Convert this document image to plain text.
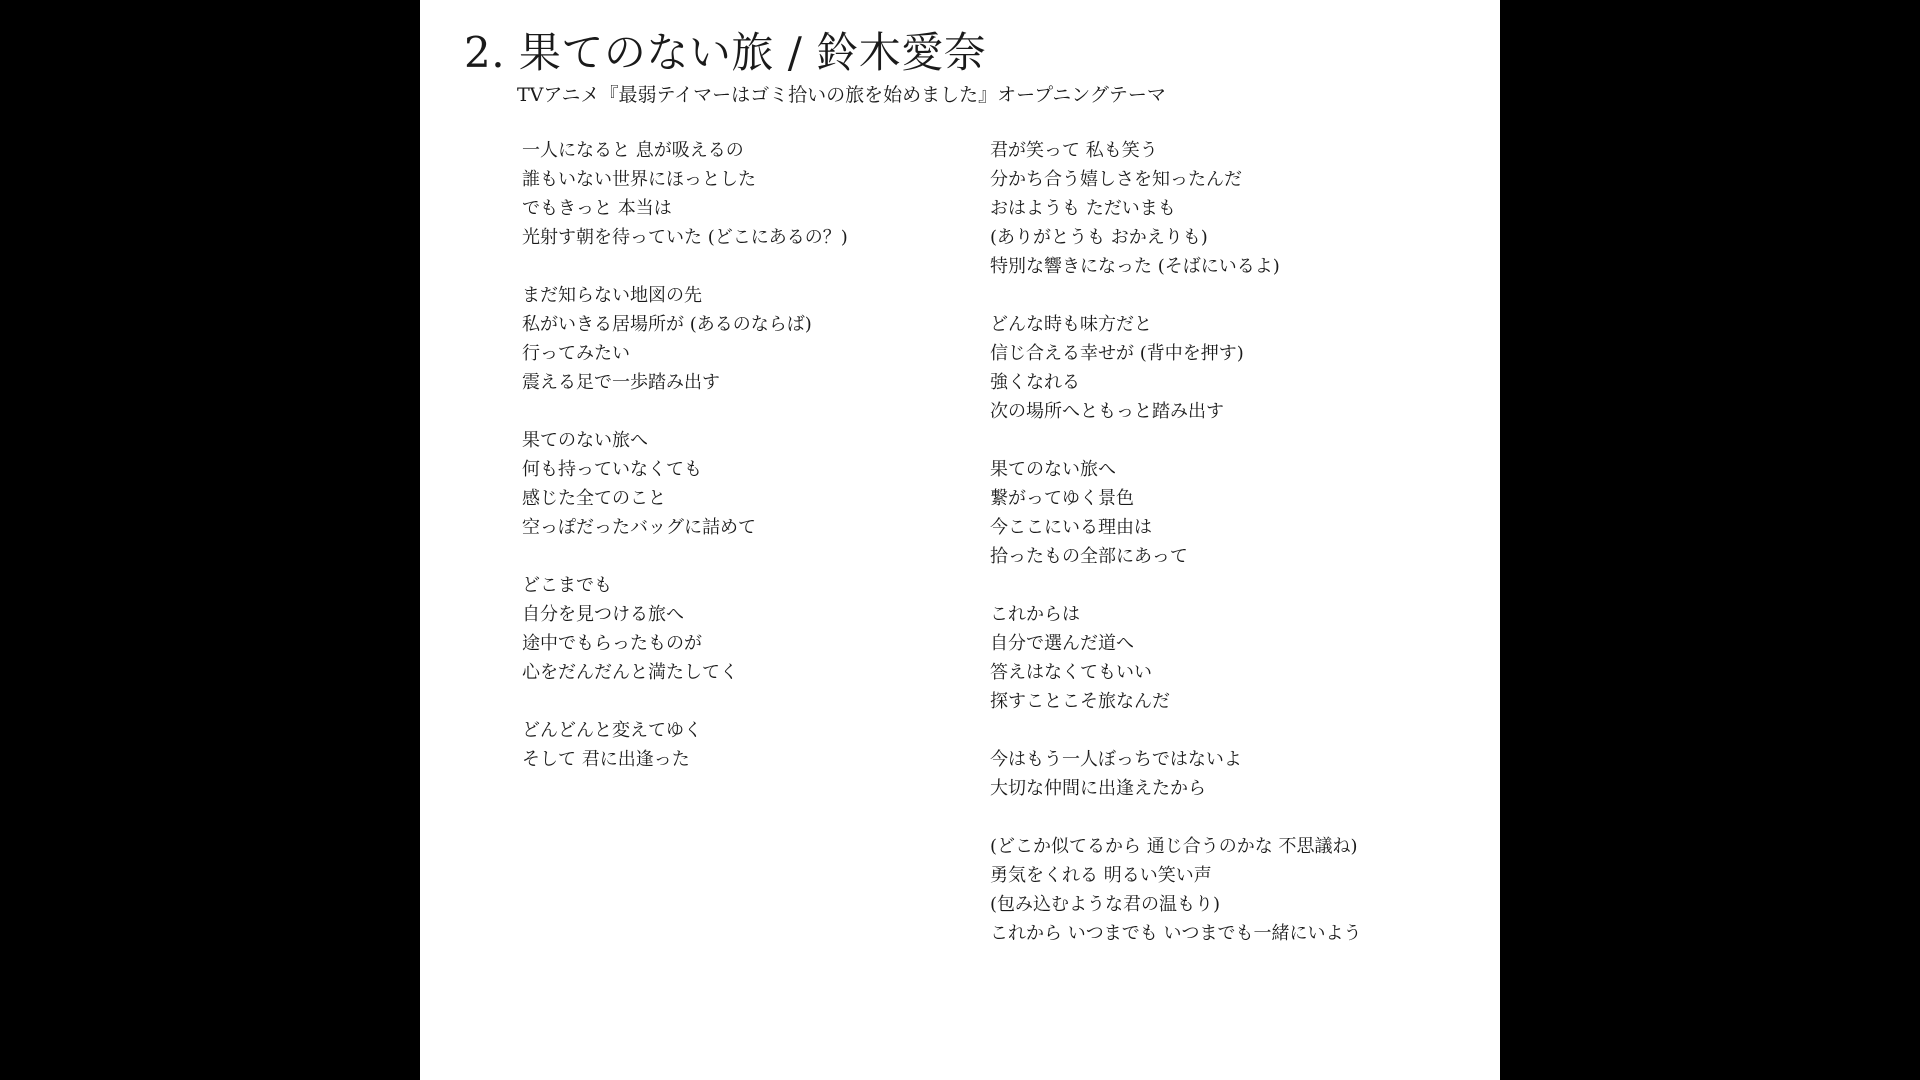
2. 果てのない旅 / 鈴木愛奈
TVアニメ『最弱テイマーはゴミ拾いの旅を始めました』オープニングテーマ
一人になると 息が吸えるの
誰もいない世界にほっとした
でもきっと 本当は
光射す朝を待っていた (どこにあるの？)
まだ知らない地図の先
私がいきる居場所が (あるのならば)
行ってみたい
震える足で一歩踏み出す
果てのない旅へ
何も持っていなくても
感じた全てのこと
空っぽだったバッグに詰めて
どこまでも
自分を見つける旅へ
途中でもらったものが
心をだんだんと満たしてく
どんどんと変えてゆく
そして 君に出逢った
君が笑って 私も笑う
分かち合う嬉しさを知ったんだ
おはようも ただいまも
(ありがとうも おかえりも)
特別な響きになった (そばにいるよ)
どんな時も味方だと
信じ合える幸せが (背中を押す)
強くなれる
次の場所へともっと踏み出す
果てのない旅へ
繋がってゆく景色
今ここにいる理由は
拾ったもの全部にあって
これからは
自分で選んだ道へ
答えはなくてもいい
探すことこそ旅なんだ
今はもう一人ぼっちではないよ
大切な仲間に出逢えたから
(どこか似てるから 通じ合うのかな 不思議ね)
勇気をくれる 明るい笑い声
(包み込むような君の温もり)
これから いつまでも いつまでも一緒にいよう
